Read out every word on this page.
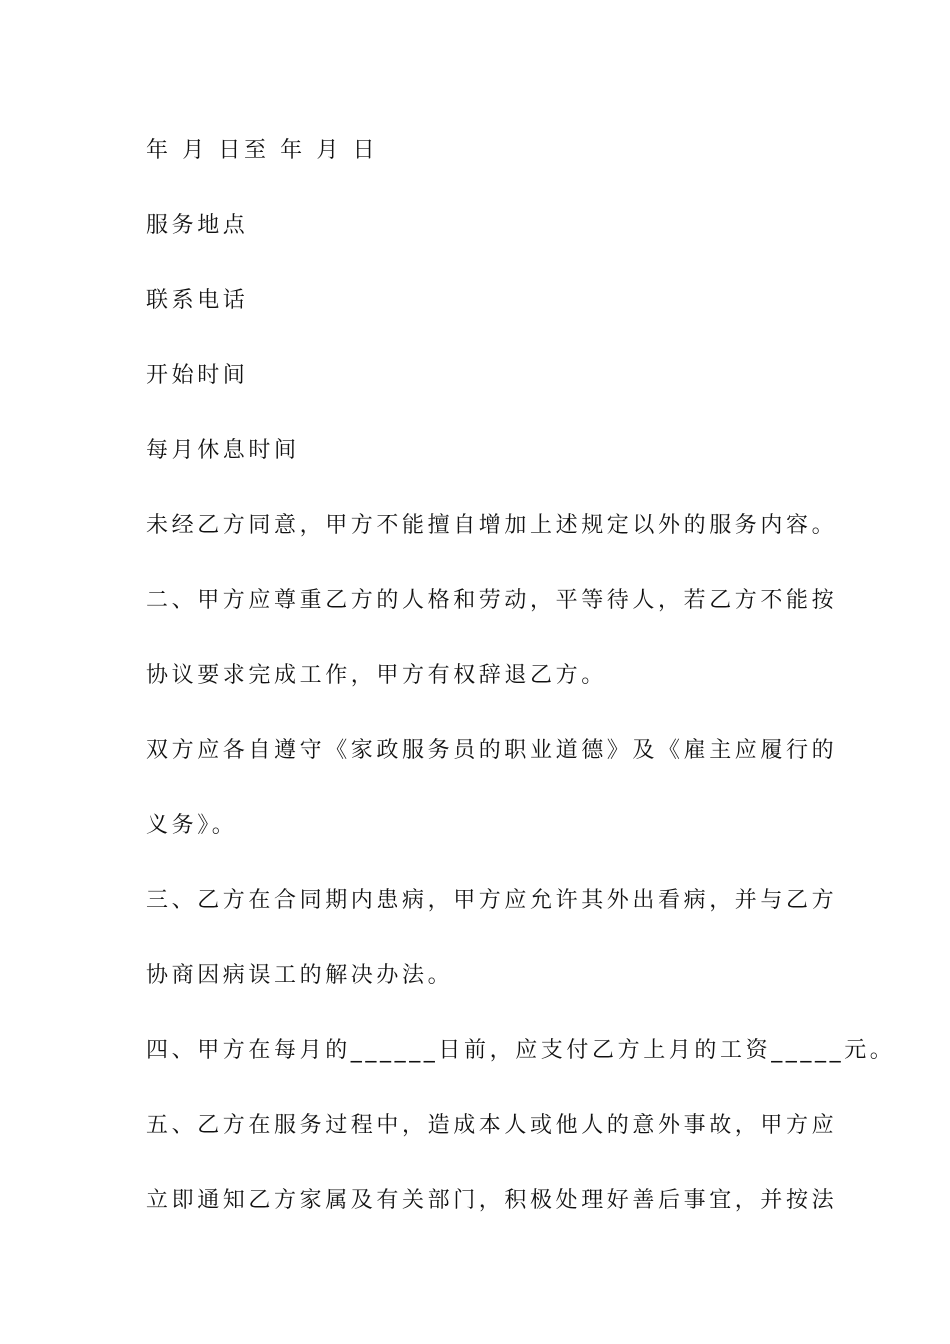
年 月 日至 年 月 日

服务地点

联系电话

开始时间

每月休息时间

未经乙方同意，甲方不能擅自增加上述规定以外的服务内容。

二、甲方应尊重乙方的人格和劳动，平等待人，若乙方不能按

协议要求完成工作，甲方有权辞退乙方。

双方应各自遵守《家政服务员的职业道德》及《雇主应履行的

义务》。

三、乙方在合同期内患病，甲方应允许其外出看病，并与乙方

协商因病误工的解决办法。

四、甲方在每月的______日前，应支付乙方上月的工资_____元。

五、乙方在服务过程中，造成本人或他人的意外事故，甲方应

立即通知乙方家属及有关部门，积极处理好善后事宜，并按法
